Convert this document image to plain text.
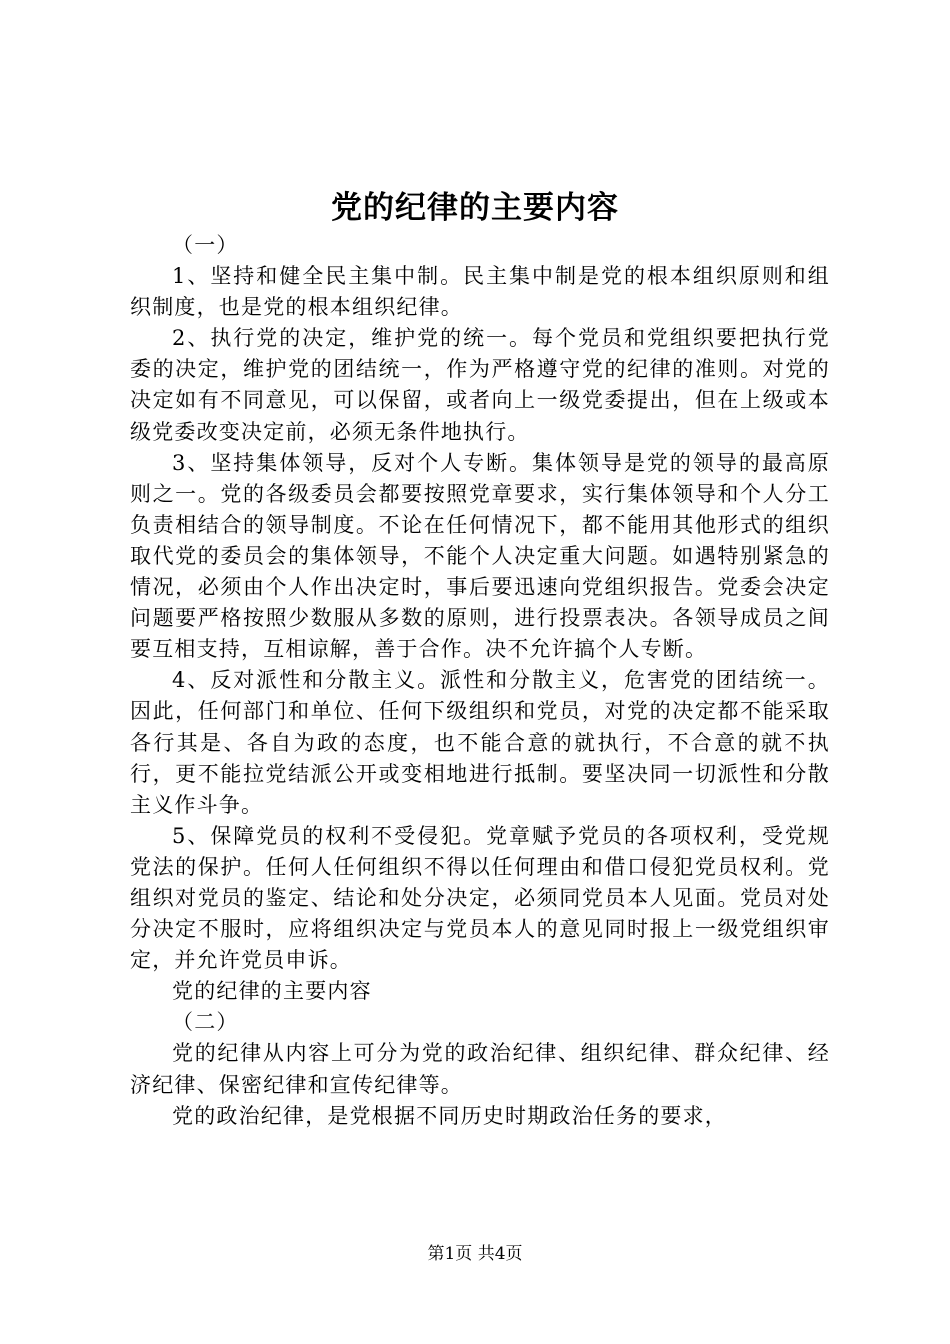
党的纪律的主要内容

（一）

1、坚持和健全民主集中制。民主集中制是党的根本组织原则和组织制度，也是党的根本组织纪律。

2、执行党的决定，维护党的统一。每个党员和党组织要把执行党委的决定，维护党的团结统一，作为严格遵守党的纪律的准则。对党的决定如有不同意见，可以保留，或者向上一级党委提出，但在上级或本级党委改变决定前，必须无条件地执行。

3、坚持集体领导，反对个人专断。集体领导是党的领导的最高原则之一。党的各级委员会都要按照党章要求，实行集体领导和个人分工负责相结合的领导制度。不论在任何情况下，都不能用其他形式的组织取代党的委员会的集体领导，不能个人决定重大问题。如遇特别紧急的情况，必须由个人作出决定时，事后要迅速向党组织报告。党委会决定问题要严格按照少数服从多数的原则，进行投票表决。各领导成员之间要互相支持，互相谅解，善于合作。决不允许搞个人专断。

4、反对派性和分散主义。派性和分散主义，危害党的团结统一。因此，任何部门和单位、任何下级组织和党员，对党的决定都不能采取各行其是、各自为政的态度，也不能合意的就执行，不合意的就不执行，更不能拉党结派公开或变相地进行抵制。要坚决同一切派性和分散主义作斗争。

5、保障党员的权利不受侵犯。党章赋予党员的各项权利，受党规党法的保护。任何人任何组织不得以任何理由和借口侵犯党员权利。党组织对党员的鉴定、结论和处分决定，必须同党员本人见面。党员对处分决定不服时，应将组织决定与党员本人的意见同时报上一级党组织审定，并允许党员申诉。

党的纪律的主要内容

（二）

党的纪律从内容上可分为党的政治纪律、组织纪律、群众纪律、经济纪律、保密纪律和宣传纪律等。

党的政治纪律，是党根据不同历史时期政治任务的要求，

第1页 共4页
